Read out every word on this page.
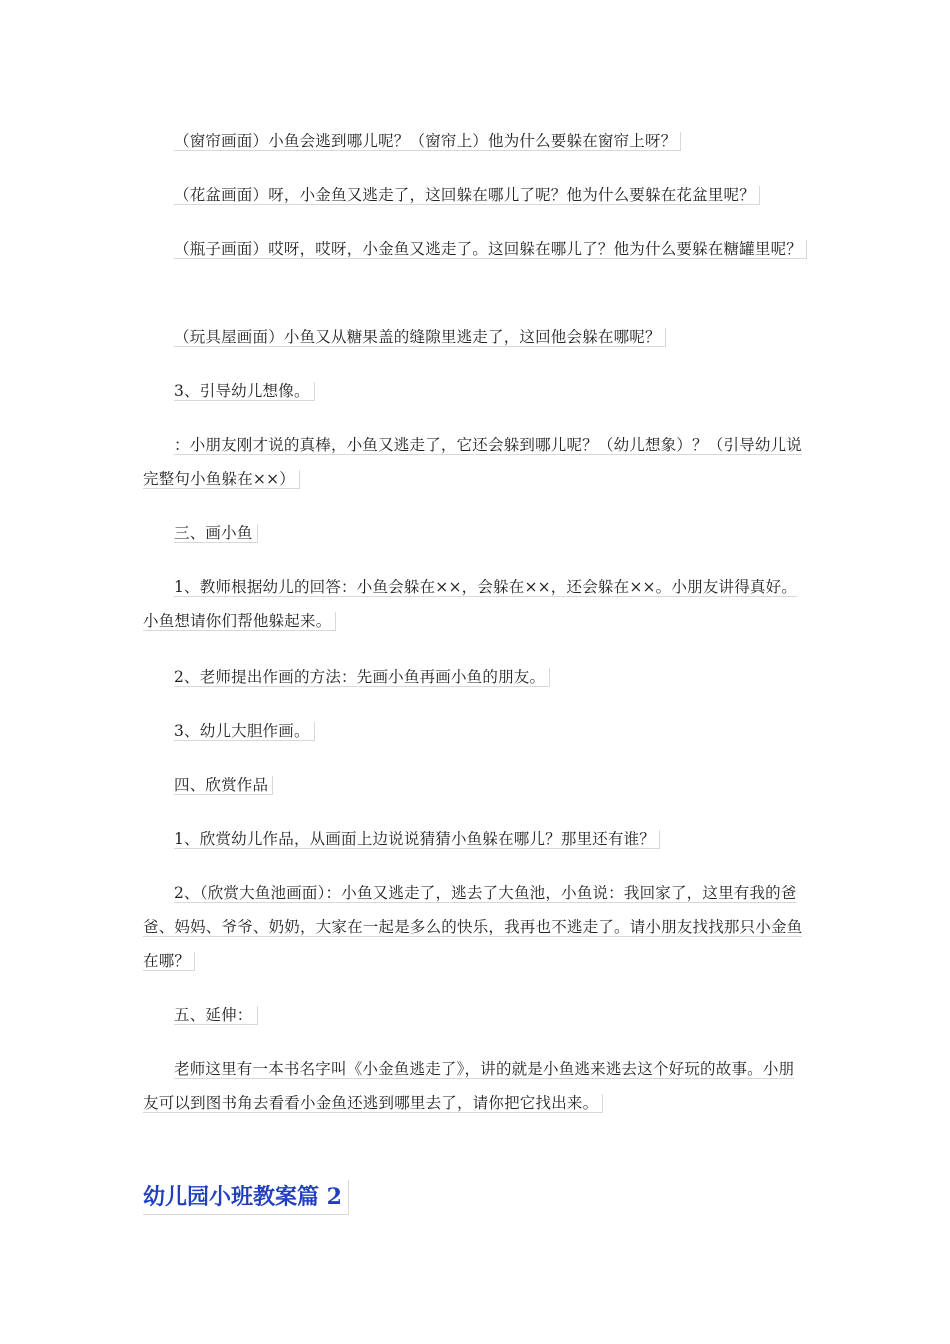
（窗帘画面）小鱼会逃到哪儿呢？（窗帘上）他为什么要躲在窗帘上呀？

（花盆画面）呀，小金鱼又逃走了，这回躲在哪儿了呢？他为什么要躲在花盆里呢？

（瓶子画面）哎呀，哎呀，小金鱼又逃走了。这回躲在哪儿了？他为什么要躲在糖罐里呢？

（玩具屋画面）小鱼又从糖果盖的缝隙里逃走了，这回他会躲在哪呢？

3、引导幼儿想像。

：小朋友刚才说的真棒，小鱼又逃走了，它还会躲到哪儿呢？（幼儿想象）？（引导幼儿说完整句小鱼躲在××）

三、画小鱼

1、教师根据幼儿的回答：小鱼会躲在××，会躲在××，还会躲在××。小朋友讲得真好。小鱼想请你们帮他躲起来。

2、老师提出作画的方法：先画小鱼再画小鱼的朋友。

3、幼儿大胆作画。

四、欣赏作品

1、欣赏幼儿作品，从画面上边说说猜猜小鱼躲在哪儿？那里还有谁？

2、（欣赏大鱼池画面）：小鱼又逃走了，逃去了大鱼池，小鱼说：我回家了，这里有我的爸爸、妈妈、爷爷、奶奶，大家在一起是多么的快乐，我再也不逃走了。请小朋友找找那只小金鱼在哪？

五、延伸：

老师这里有一本书名字叫《小金鱼逃走了》，讲的就是小鱼逃来逃去这个好玩的故事。小朋友可以到图书角去看看小金鱼还逃到哪里去了，请你把它找出来。

幼儿园小班教案篇 2
